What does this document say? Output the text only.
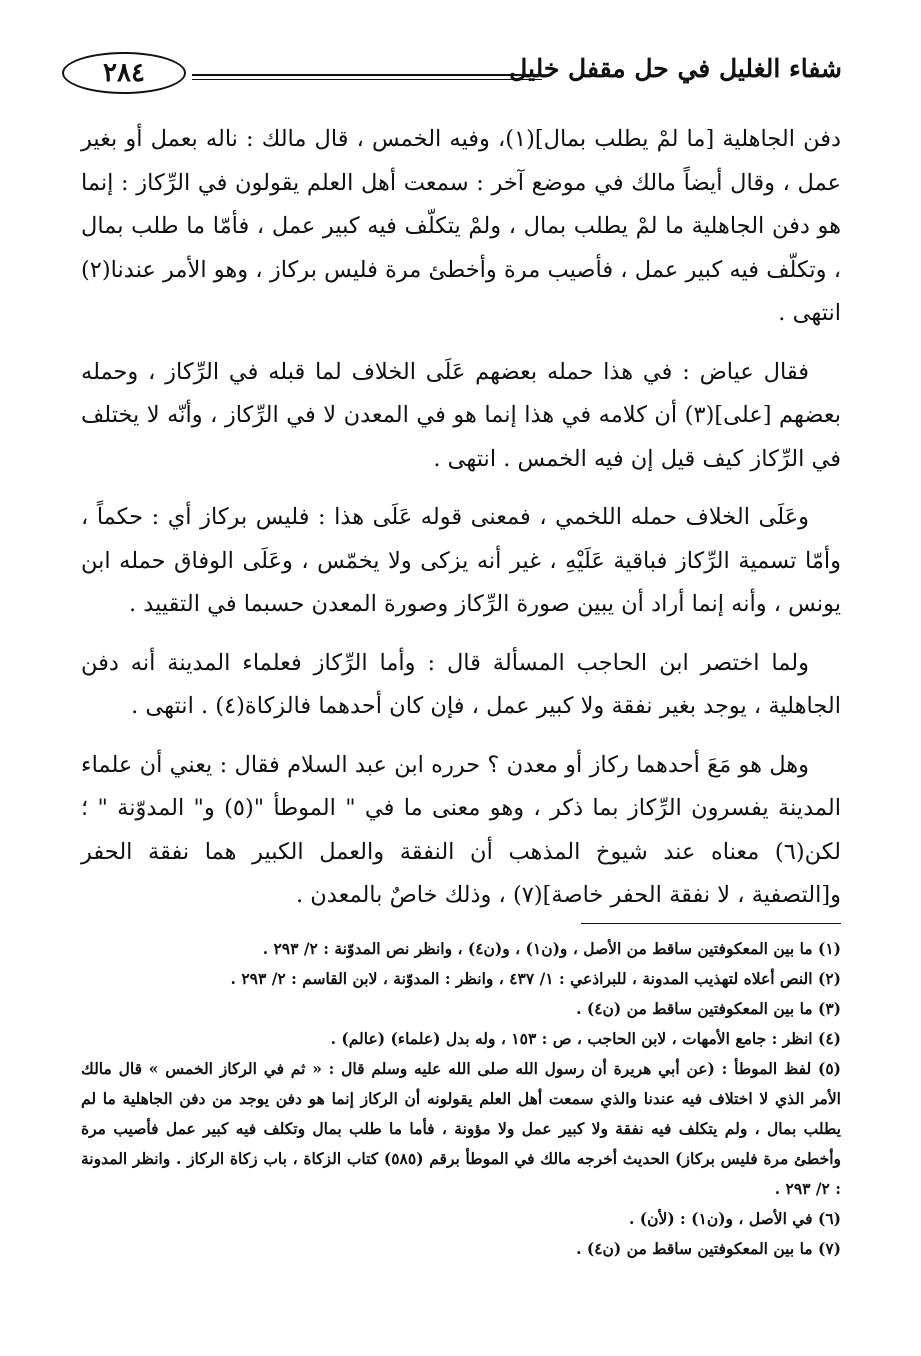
شفاء الغليل في حل مقفل خليل
٢٨٤

دفن الجاهلية [ما لمْ يطلب بمال](١)، وفيه الخمس ، قال مالك : ناله بعمل أو بغير عمل ، وقال أيضاً مالك في موضع آخر : سمعت أهل العلم يقولون في الرِّكاز : إنما هو دفن الجاهلية ما لمْ يطلب بمال ، ولمْ يتكلّف فيه كبير عمل ، فأمّا ما طلب بمال ، وتكلّف فيه كبير عمل ، فأصيب مرة وأخطئ مرة فليس بركاز ، وهو الأمر عندنا(٢) انتهى .

فقال عياض : في هذا حمله بعضهم عَلَى الخلاف لما قبله في الرِّكاز ، وحمله بعضهم [على](٣) أن كلامه في هذا إنما هو في المعدن لا في الرِّكاز ، وأنّه لا يختلف في الرِّكاز كيف قيل إن فيه الخمس . انتهى .

وعَلَى الخلاف حمله اللخمي ، فمعنى قوله عَلَى هذا : فليس بركاز أي : حكماً ، وأمّا تسمية الرِّكاز فباقية عَلَيْهِ ، غير أنه يزكى ولا يخمّس ، وعَلَى الوفاق حمله ابن يونس ، وأنه إنما أراد أن يبين صورة الرِّكاز وصورة المعدن حسبما في التقييد .

ولما اختصر ابن الحاجب المسألة قال : وأما الرِّكاز فعلماء المدينة أنه دفن الجاهلية ، يوجد بغير نفقة ولا كبير عمل ، فإن كان أحدهما فالزكاة(٤) . انتهى .

وهل هو مَعَ أحدهما ركاز أو معدن ؟ حرره ابن عبد السلام فقال : يعني أن علماء المدينة يفسرون الرِّكاز بما ذكر ، وهو معنى ما في " الموطأ "(٥) و" المدوّنة " ؛ لكن(٦) معناه عند شيوخ المذهب أن النفقة والعمل الكبير هما نفقة الحفر و[التصفية ، لا نفقة الحفر خاصة](٧) ، وذلك خاصٌ بالمعدن .

(١) ما بين المعكوفتين ساقط من الأصل ، و(ن١) ، و(ن٤) ، وانظر نص المدوّنة : ٢/ ٢٩٣ .

(٢) النص أعلاه لتهذيب المدونة ، للبراذعي : ١/ ٤٣٧ ، وانظر : المدوّنة ، لابن القاسم : ٢/ ٢٩٣ .

(٣) ما بين المعكوفتين ساقط من (ن٤) .

(٤) انظر : جامع الأمهات ، لابن الحاجب ، ص : ١٥٣ ، وله بدل (علماء) (عالم) .

(٥) لفظ الموطأ : (عن أبي هريرة أن رسول الله صلى الله عليه وسلم قال : « ثم في الركاز الخمس » قال مالك الأمر الذي لا اختلاف فيه عندنا والذي سمعت أهل العلم يقولونه أن الركاز إنما هو دفن يوجد من دفن الجاهلية ما لم يطلب بمال ، ولم يتكلف فيه نفقة ولا كبير عمل ولا مؤونة ، فأما ما طلب بمال وتكلف فيه كبير عمل فأصيب مرة وأخطئ مرة فليس بركاز) الحديث أخرجه مالك في الموطأ برقم (٥٨٥) كتاب الزكاة ، باب زكاة الركاز . وانظر المدونة : ٢/ ٢٩٣ .

(٦) في الأصل ، و(ن١) : (لأن) .

(٧) ما بين المعكوفتين ساقط من (ن٤) .
